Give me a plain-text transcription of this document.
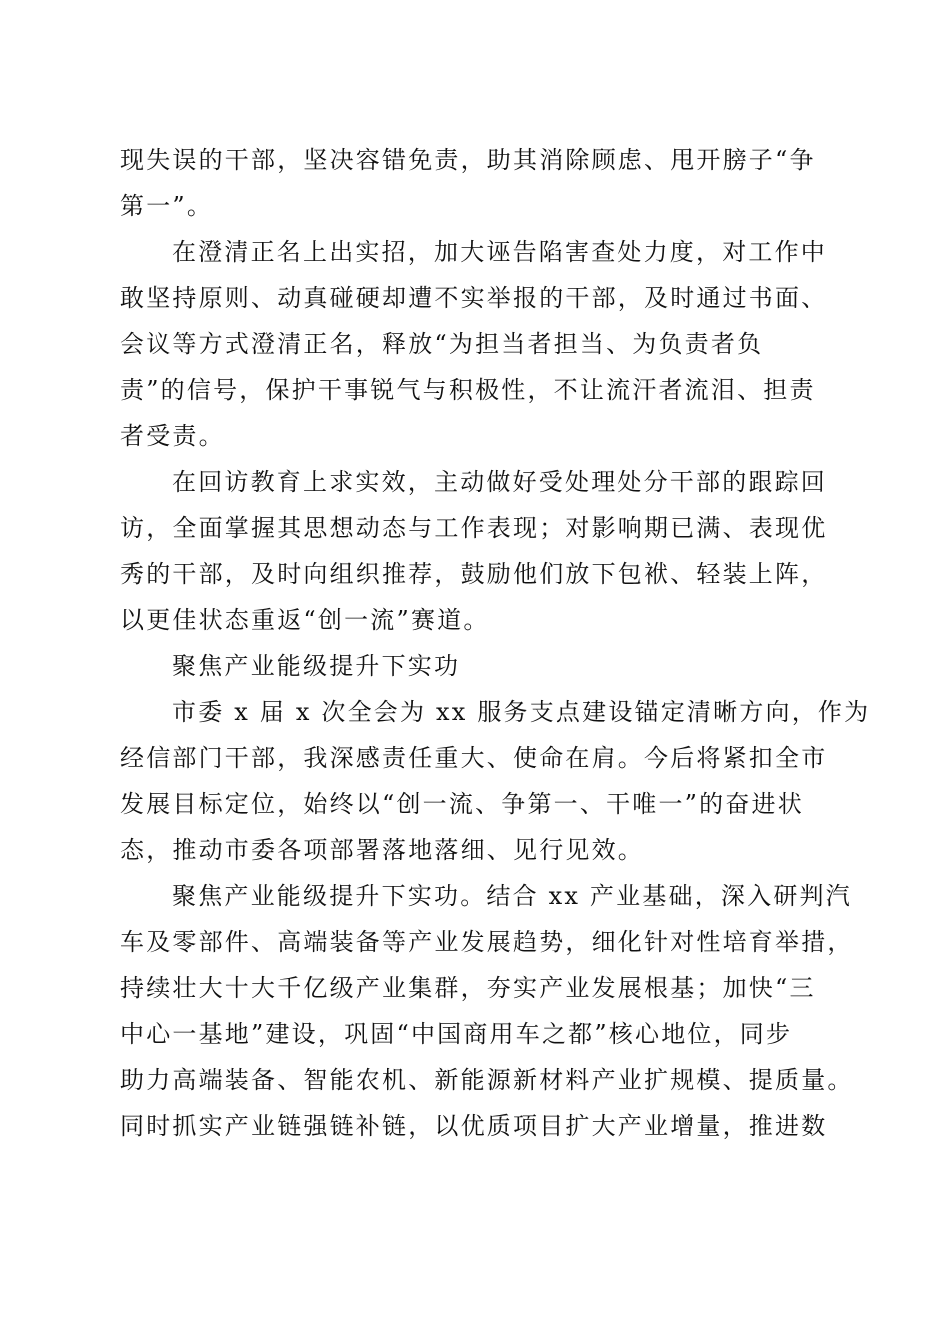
现失误的干部，坚决容错免责，助其消除顾虑、甩开膀子“争

第一”。

在澄清正名上出实招，加大诬告陷害查处力度，对工作中

敢坚持原则、动真碰硬却遭不实举报的干部，及时通过书面、

会议等方式澄清正名，释放“为担当者担当、为负责者负

责”的信号，保护干事锐气与积极性，不让流汗者流泪、担责

者受责。

在回访教育上求实效，主动做好受处理处分干部的跟踪回

访，全面掌握其思想动态与工作表现；对影响期已满、表现优

秀的干部，及时向组织推荐，鼓励他们放下包袱、轻装上阵，

以更佳状态重返“创一流”赛道。

聚焦产业能级提升下实功

市委 x 届 x 次全会为 xx 服务支点建设锚定清晰方向，作为

经信部门干部，我深感责任重大、使命在肩。今后将紧扣全市

发展目标定位，始终以“创一流、争第一、干唯一”的奋进状

态，推动市委各项部署落地落细、见行见效。

聚焦产业能级提升下实功。结合 xx 产业基础，深入研判汽

车及零部件、高端装备等产业发展趋势，细化针对性培育举措，

持续壮大十大千亿级产业集群，夯实产业发展根基；加快“三

中心一基地”建设，巩固“中国商用车之都”核心地位，同步

助力高端装备、智能农机、新能源新材料产业扩规模、提质量。

同时抓实产业链强链补链，以优质项目扩大产业增量，推进数
